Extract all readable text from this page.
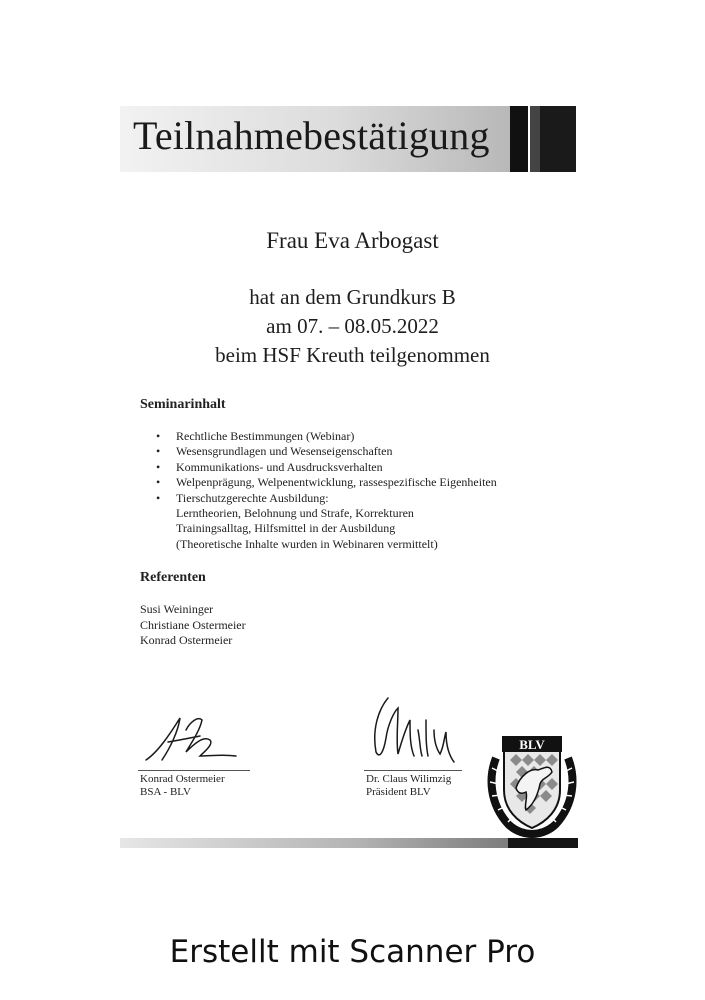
Teilnahmebestätigung
Frau Eva Arbogast
hat an dem Grundkurs B
am 07. – 08.05.2022
beim HSF Kreuth teilgenommen
Seminarinhalt
• Rechtliche Bestimmungen (Webinar)
• Wesensgrundlagen und Wesenseigenschaften
• Kommunikations- und Ausdrucksverhalten
• Welpenprägung, Welpenentwicklung, rassespezifische Eigenheiten
• Tierschutzgerechte Ausbildung:
Lerntheorien, Belohnung und Strafe, Korrekturen
Trainingsalltag, Hilfsmittel in der Ausbildung
(Theoretische Inhalte wurden in Webinaren vermittelt)
Referenten
Susi Weininger
Christiane Ostermeier
Konrad Ostermeier
Konrad Ostermeier
BSA - BLV
Dr. Claus Wilimzig
Präsident BLV
BLV
Erstellt mit Scanner Pro
